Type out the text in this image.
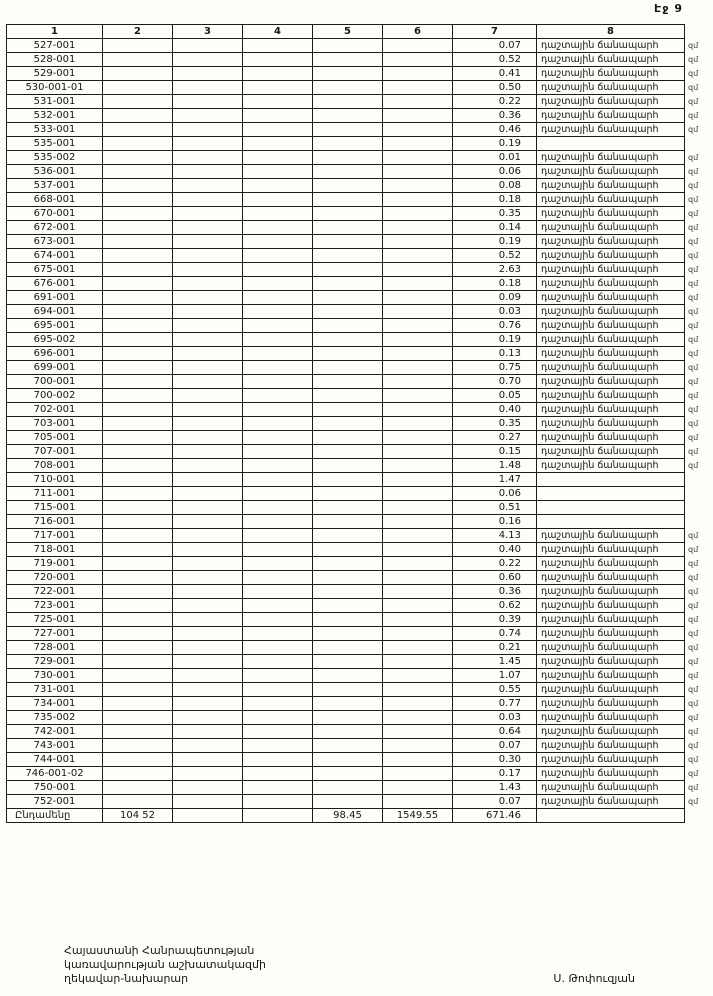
Էջ 9
1	2	3	4	5	6	7	8	
527-001						0.07	դաշտային ճանապարհ	զմ
528-001						0.52	դաշտային ճանապարհ	զմ
529-001						0.41	դաշտային ճանապարհ	զմ
530-001-01						0.50	դաշտային ճանապարհ	զմ
531-001						0.22	դաշտային ճանապարհ	զմ
532-001						0.36	դաշտային ճանապարհ	զմ
533-001						0.46	դաշտային ճանապարհ	զմ
535-001						0.19		
535-002						0.01	դաշտային ճանապարհ	զմ
536-001						0.06	դաշտային ճանապարհ	զմ
537-001						0.08	դաշտային ճանապարհ	զմ
668-001						0.18	դաշտային ճանապարհ	զմ
670-001						0.35	դաշտային ճանապարհ	զմ
672-001						0.14	դաշտային ճանապարհ	զմ
673-001						0.19	դաշտային ճանապարհ	զմ
674-001						0.52	դաշտային ճանապարհ	զմ
675-001						2.63	դաշտային ճանապարհ	զմ
676-001						0.18	դաշտային ճանապարհ	զմ
691-001						0.09	դաշտային ճանապարհ	զմ
694-001						0.03	դաշտային ճանապարհ	զմ
695-001						0.76	դաշտային ճանապարհ	զմ
695-002						0.19	դաշտային ճանապարհ	զմ
696-001						0.13	դաշտային ճանապարհ	զմ
699-001						0.75	դաշտային ճանապարհ	զմ
700-001						0.70	դաշտային ճանապարհ	զմ
700-002						0.05	դաշտային ճանապարհ	զմ
702-001						0.40	դաշտային ճանապարհ	զմ
703-001						0.35	դաշտային ճանապարհ	զմ
705-001						0.27	դաշտային ճանապարհ	զմ
707-001						0.15	դաշտային ճանապարհ	զմ
708-001						1.48	դաշտային ճանապարհ	զմ
710-001						1.47		
711-001						0.06		
715-001						0.51		
716-001						0.16		
717-001						4.13	դաշտային ճանապարհ	զմ
718-001						0.40	դաշտային ճանապարհ	զմ
719-001						0.22	դաշտային ճանապարհ	զմ
720-001						0.60	դաշտային ճանապարհ	զմ
722-001						0.36	դաշտային ճանապարհ	զմ
723-001						0.62	դաշտային ճանապարհ	զմ
725-001						0.39	դաշտային ճանապարհ	զմ
727-001						0.74	դաշտային ճանապարհ	զմ
728-001						0.21	դաշտային ճանապարհ	զմ
729-001						1.45	դաշտային ճանապարհ	զմ
730-001						1.07	դաշտային ճանապարհ	զմ
731-001						0.55	դաշտային ճանապարհ	զմ
734-001						0.77	դաշտային ճանապարհ	զմ
735-002						0.03	դաշտային ճանապարհ	զմ
742-001						0.64	դաշտային ճանապարհ	զմ
743-001						0.07	դաշտային ճանապարհ	զմ
744-001						0.30	դաշտային ճանապարհ	զմ
746-001-02						0.17	դաշտային ճանապարհ	զմ
750-001						1.43	դաշտային ճանապարհ	զմ
752-001						0.07	դաշտային ճանապարհ	զմ
Ընդամենը	104 52			98.45	1549.55	671.46		
Հայաստանի Հանրապետության
կառավարության աշխատակազմի
ղեկավար-նախարար	Ս. Թոփուզյան
